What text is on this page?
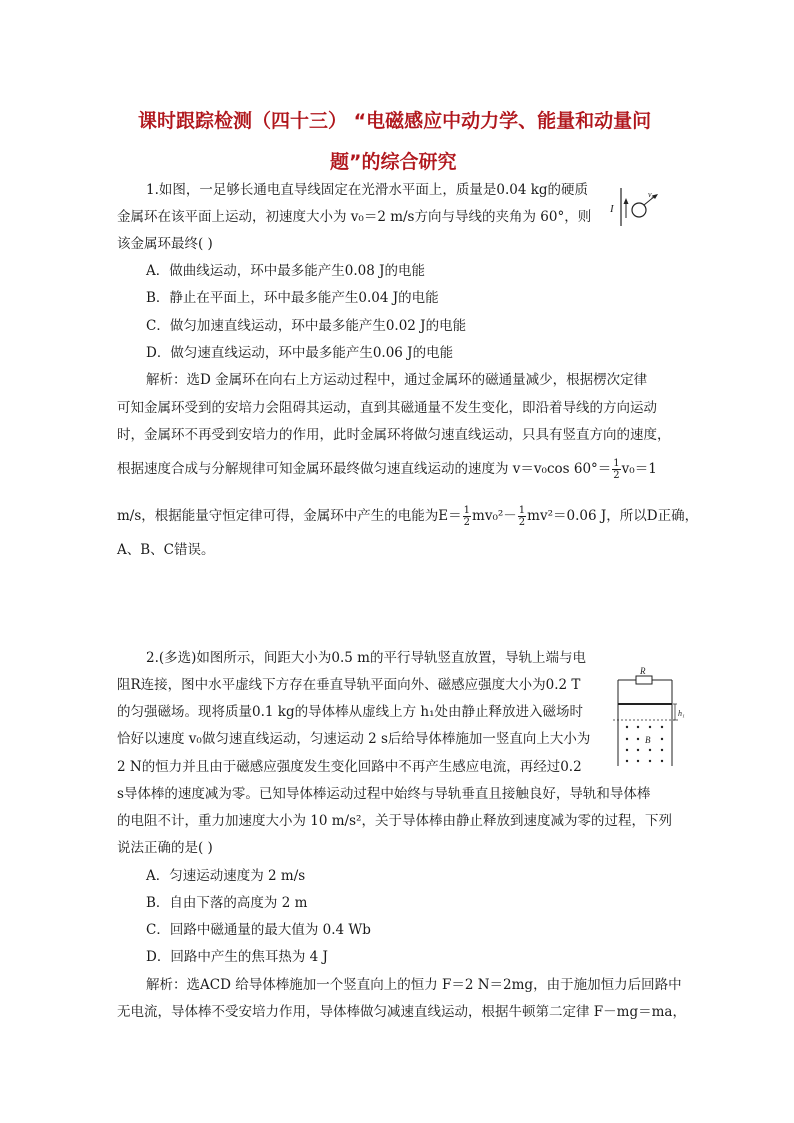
课时跟踪检测（四十三） “电磁感应中动力学、能量和动量问
题”的综合研究
1.如图，一足够长通电直导线固定在光滑水平面上，质量是0.04 kg的硬质
金属环在该平面上运动，初速度大小为 v₀＝2 m/s方向与导线的夹角为 60°，则
该金属环最终( )
I
v₀
A．做曲线运动，环中最多能产生0.08 J的电能
B．静止在平面上，环中最多能产生0.04 J的电能
C．做匀加速直线运动，环中最多能产生0.02 J的电能
D．做匀速直线运动，环中最多能产生0.06 J的电能
解析：选D 金属环在向右上方运动过程中，通过金属环的磁通量减少，根据楞次定律
可知金属环受到的安培力会阻碍其运动，直到其磁通量不发生变化，即沿着导线的方向运动
时，金属环不再受到安培力的作用，此时金属环将做匀速直线运动，只具有竖直方向的速度，
根据速度合成与分解规律可知金属环最终做匀速直线运动的速度为 v＝v₀cos $60^\circ= \frac{1}{2} v_0=1$
m/s，根据能量守恒定律可得，金属环中产生的电能为$E= \frac{1}{2} mv_0^2- \frac{1}{2} mv^2=0.06$ J，所以D正确，
A、B、C错误。
2.(多选)如图所示，间距大小为0.5 m的平行导轨竖直放置，导轨上端与电
阻R连接，图中水平虚线下方存在垂直导轨平面向外、磁感应强度大小为0.2 T
的匀强磁场。现将质量0.1 kg的导体棒从虚线上方 h₁处由静止释放进入磁场时
恰好以速度 v₀做匀速直线运动，匀速运动 2 s后给导体棒施加一竖直向上大小为
2 N的恒力并且由于磁感应强度发生变化回路中不再产生感应电流，再经过0.2
s导体棒的速度减为零。已知导体棒运动过程中始终与导轨垂直且接触良好，导轨和导体棒
的电阻不计，重力加速度大小为 10 m/s²，关于导体棒由静止释放到速度减为零的过程，下列
说法正确的是( )
R
h₁
B
A．匀速运动速度为 2 m/s
B．自由下落的高度为 2 m
C．回路中磁通量的最大值为 0.4 Wb
D．回路中产生的焦耳热为 4 J
解析：选ACD 给导体棒施加一个竖直向上的恒力 F＝2 N＝2mg，由于施加恒力后回路中
无电流，导体棒不受安培力作用，导体棒做匀减速直线运动，根据牛顿第二定律 F－mg＝ma，
